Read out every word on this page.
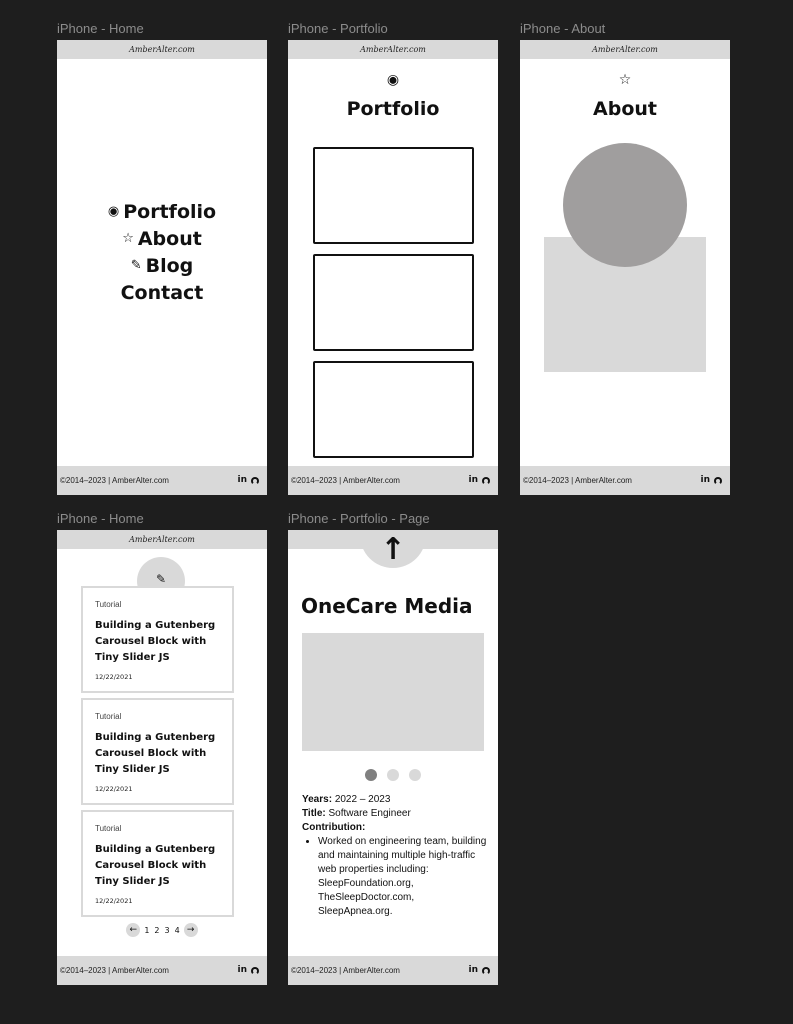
iPhone - Home	iPhone - Portfolio	iPhone - About
iPhone - Home	iPhone - Portfolio - Page
AmberAlter.com
◉ Portfolio
☆ About
✎ Blog
Contact
©2014–2023 | AmberAlter.com	in
AmberAlter.com
◉
Portfolio
©2014–2023 | AmberAlter.com	in
AmberAlter.com
☆
About
©2014–2023 | AmberAlter.com	in
AmberAlter.com
✎
Tutorial
Building a Gutenberg Carousel Block with Tiny Slider JS
12/22/2021
Tutorial
Building a Gutenberg Carousel Block with Tiny Slider JS
12/22/2021
Tutorial
Building a Gutenberg Carousel Block with Tiny Slider JS
12/22/2021
← 1 2 3 4 →
©2014–2023 | AmberAlter.com	in
↑
OneCare Media
Years: 2022 – 2023
Title: Software Engineer
Contribution:
• Worked on engineering team, building and maintaining multiple high-traffic web properties including: SleepFoundation.org, TheSleepDoctor.com, SleepApnea.org.
©2014–2023 | AmberAlter.com	in
